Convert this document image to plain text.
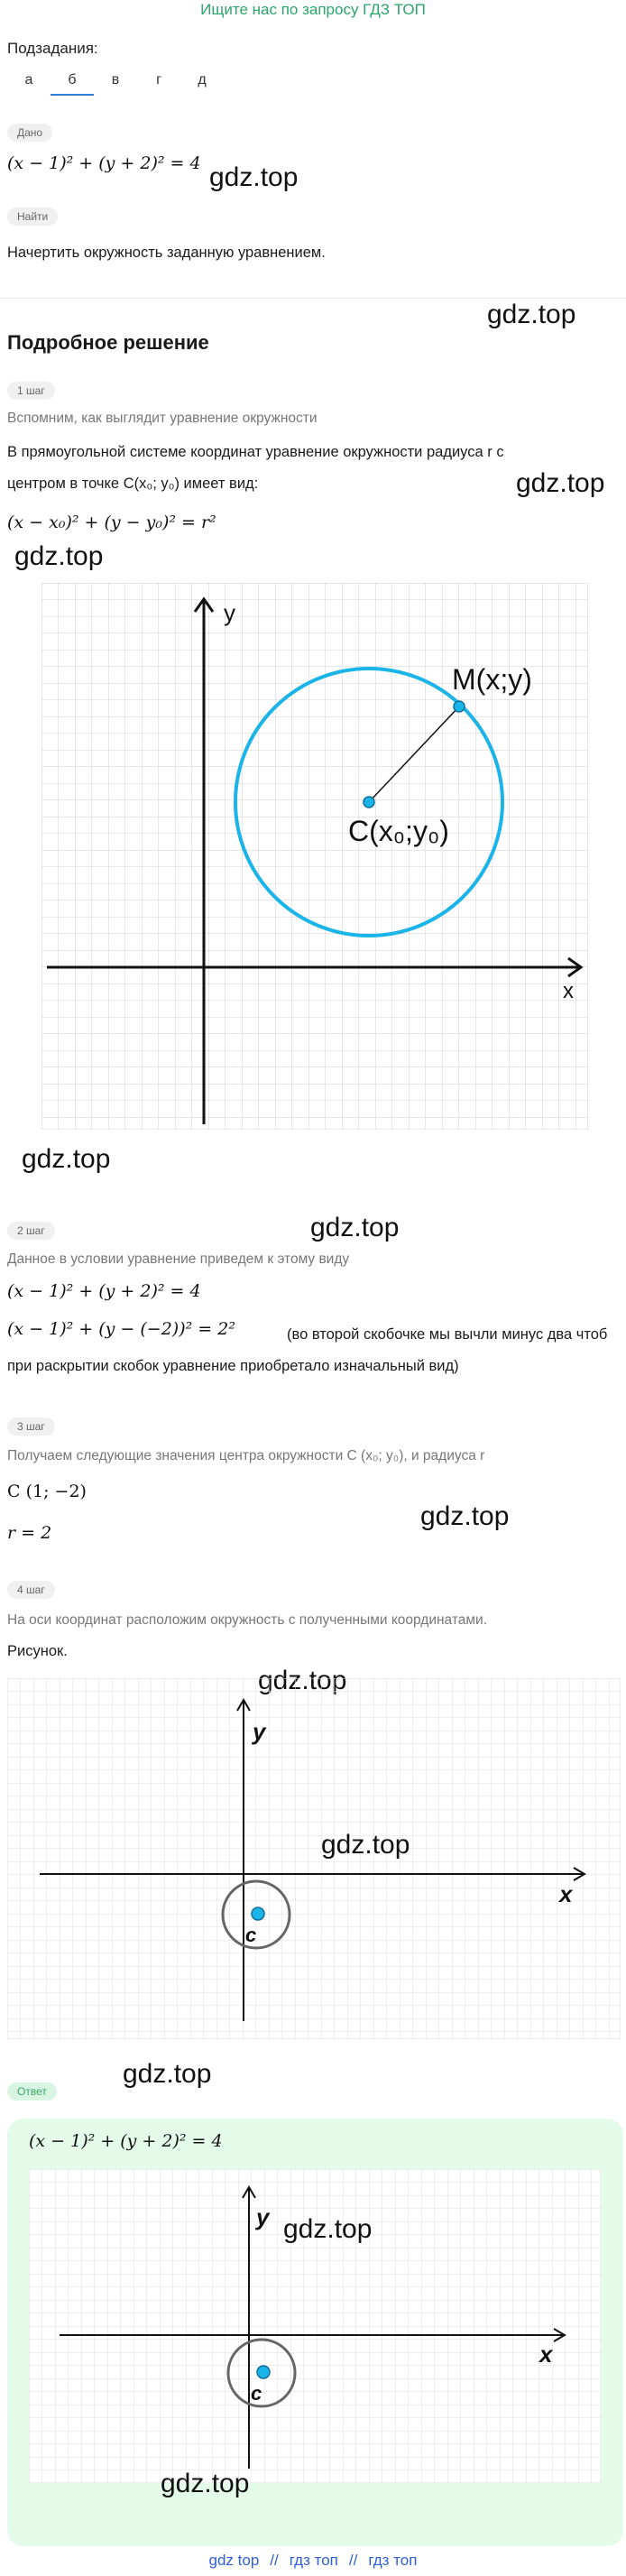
Ищите нас по запросу ГДЗ ТОП
Подзадания:
а	б	в	г	д
Дано
(x − 1)² + (y + 2)² = 4 gdz.top
Найти
Начертить окружность заданную уравнением.
gdz.top
Подробное решение
1 шаг
Вспомним, как выглядит уравнение окружности
gdz.top
В прямоугольной системе координат уравнение окружности радиуса r с
центром в точке C(x₀; y₀) имеет вид:
(x − x₀)² + (y − y₀)² = r²
gdz.top
y
x
M(x;y)
C(x₀;y₀)
gdz.top
gdz.top
2 шаг
Данное в условии уравнение приведем к этому виду
(x − 1)² + (y + 2)² = 4
(x − 1)² + (y − (−2))² = 2²	(во второй скобочке мы вычли минус два чтоб
при раскрытии скобок уравнение приобретало изначальный вид)
3 шаг
Получаем следующие значения центра окружности C (x₀; y₀), и радиуса r
gdz.top
C (1; −2)
r = 2
4 шаг
На оси координат расположим окружность с полученными координатами.
Рисунок.
y
x
c
gdz.top
gdz.top
Ответ
(x − 1)² + (y + 2)² = 4
y
x
c
gdz.top
gdz.top
gdz top // гдз топ // гдз топ
